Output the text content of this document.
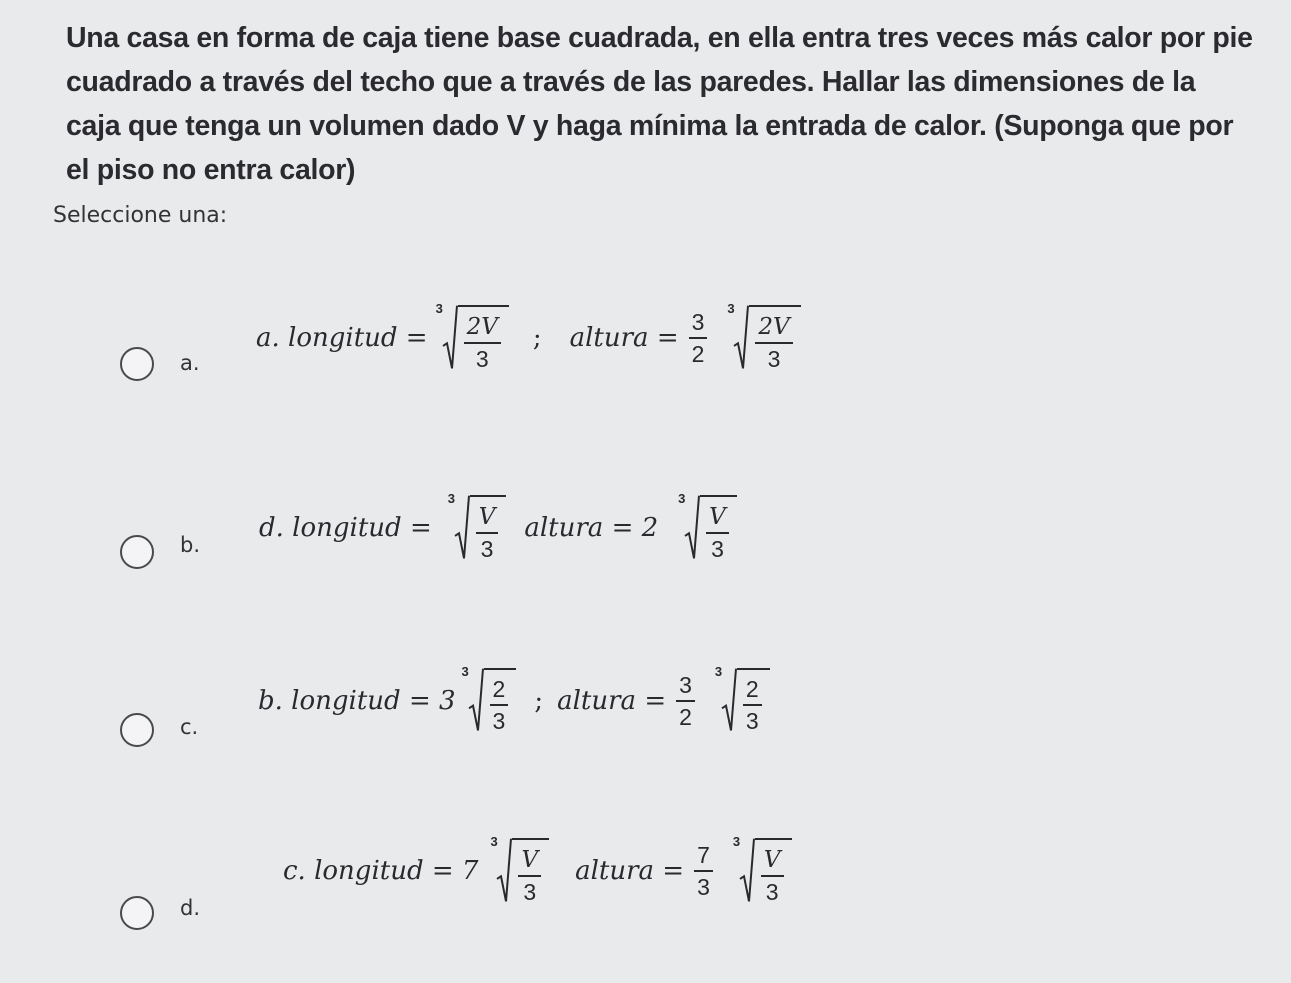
Una casa en forma de caja tiene base cuadrada, en ella entra tres veces más calor por pie cuadrado a través del techo que a través de las paredes. Hallar las dimensiones de la caja que tenga un volumen dado V y haga mínima la entrada de calor. (Suponga que por el piso no entra calor)
Seleccione una:
a.
a. longitud =
3
$\frac{2V}{3}$ ; altura = $\frac{3}{2}$
3
$\frac{2V}{3}$
b.
d. longitud =
3
$\frac{V}{3}$ altura = 2
3
$\frac{V}{3}$
c.
b. longitud = 3
3
$\frac{2}{3}$ ; altura = $\frac{3}{2}$
3
$\frac{2}{3}$
d.
c. longitud = 7
3
$\frac{V}{3}$ altura = $\frac{7}{3}$
3
$\frac{V}{3}$
